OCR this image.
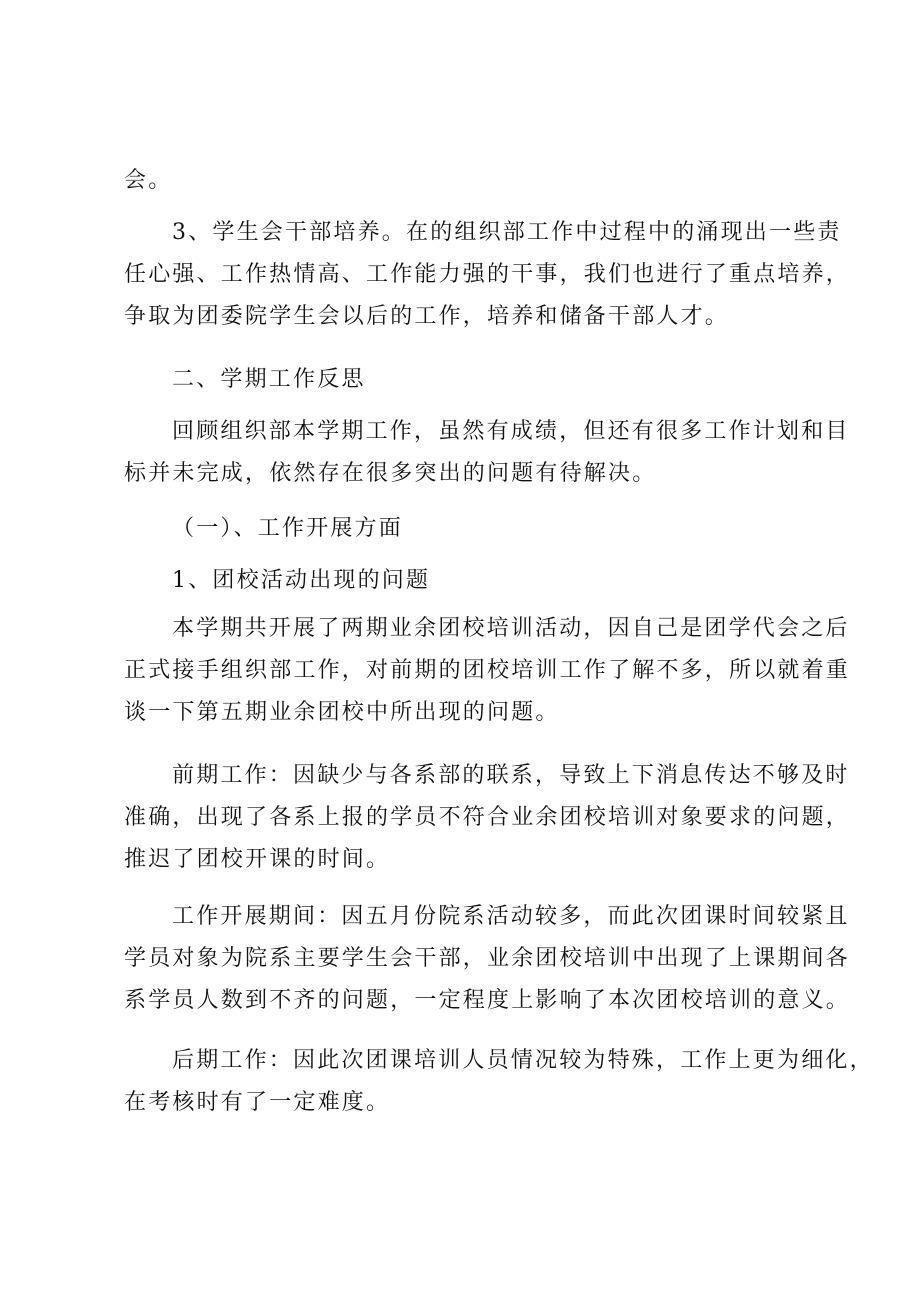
会。
3、学生会干部培养。在的组织部工作中过程中的涌现出一些责
任心强、工作热情高、工作能力强的干事，我们也进行了重点培养，
争取为团委院学生会以后的工作，培养和储备干部人才。
二、学期工作反思
回顾组织部本学期工作，虽然有成绩，但还有很多工作计划和目
标并未完成，依然存在很多突出的问题有待解决。
（一）、工作开展方面
1、团校活动出现的问题
本学期共开展了两期业余团校培训活动，因自己是团学代会之后
正式接手组织部工作，对前期的团校培训工作了解不多，所以就着重
谈一下第五期业余团校中所出现的问题。
前期工作：因缺少与各系部的联系，导致上下消息传达不够及时
准确，出现了各系上报的学员不符合业余团校培训对象要求的问题，
推迟了团校开课的时间。
工作开展期间：因五月份院系活动较多，而此次团课时间较紧且
学员对象为院系主要学生会干部，业余团校培训中出现了上课期间各
系学员人数到不齐的问题，一定程度上影响了本次团校培训的意义。
后期工作：因此次团课培训人员情况较为特殊，工作上更为细化，
在考核时有了一定难度。
